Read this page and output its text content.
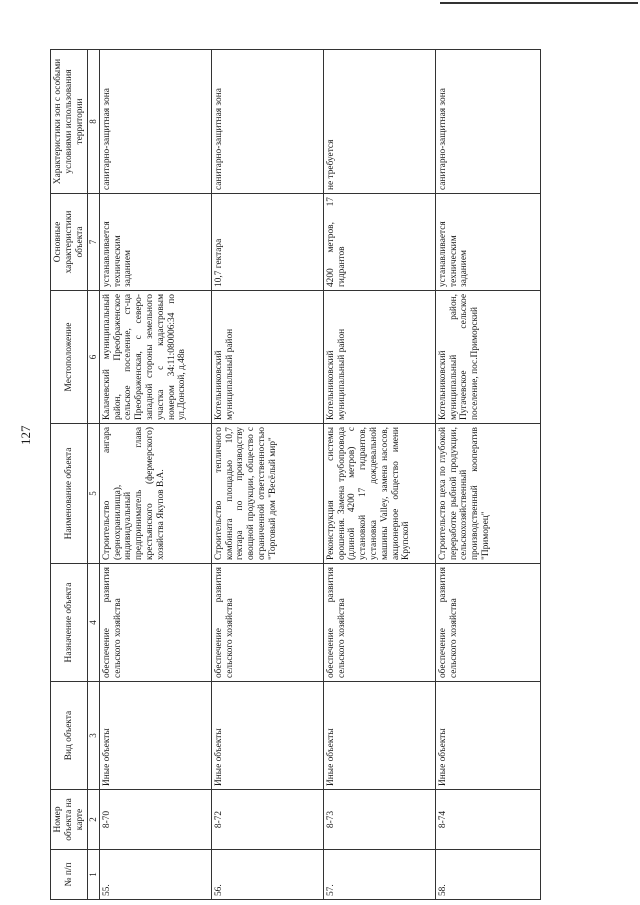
127
№ п/п	Номер объекта на карте	Вид объекта	Назначение объекта	Наименование объекта	Местоположение	Основные характеристики объекта	Характеристики зон с особыми условиями использования территории
1	2	3	4	5	6	7	8
55.	8-70	Иные объекты	обеспечение развития сельского хозяйства	Строительство ангара (зернохранилища), индивидуальный предприниматель глава крестьянского (фермерского) хозяйства Якупов В.А.	Калачевский муниципальный район, Преображенское сельское поселение, ст-ца Преображенская, с северо-западной стороны земельного участка с кадастровым номером 34:11:080006:34 по ул.Донской, д.48в	устанавливается техническим заданием	санитарно-защитная зона
56.	8-72	Иные объекты	обеспечение развития сельского хозяйства	Строительство тепличного комбината площадью 10,7 гектара по производству овощной продукции, общество с ограниченной ответственностью "Торговый дом "Весёлый мир"	Котельниковский муниципальный район	10,7 гектара	санитарно-защитная зона
57.	8-73	Иные объекты	обеспечение развития сельского хозяйства	Реконструкция системы орошения. Замена трубопровода (длиной 4200 метров) с установкой 17 гидрантов, установка дождевальной машины Valley, замена насосов, акционерное общество имени Крупской	Котельниковский муниципальный район	4200 метров, 17 гидрантов	не требуется
58.	8-74	Иные объекты	обеспечение развития сельского хозяйства	Строительство цеха по глубокой переработке рыбной продукции, сельскохозяйственный производственный кооператив "Приморец"	Котельниковский муниципальный район, Пугачевское сельское поселение, пос.Приморский	устанавливается техническим заданием	санитарно-защитная зона
